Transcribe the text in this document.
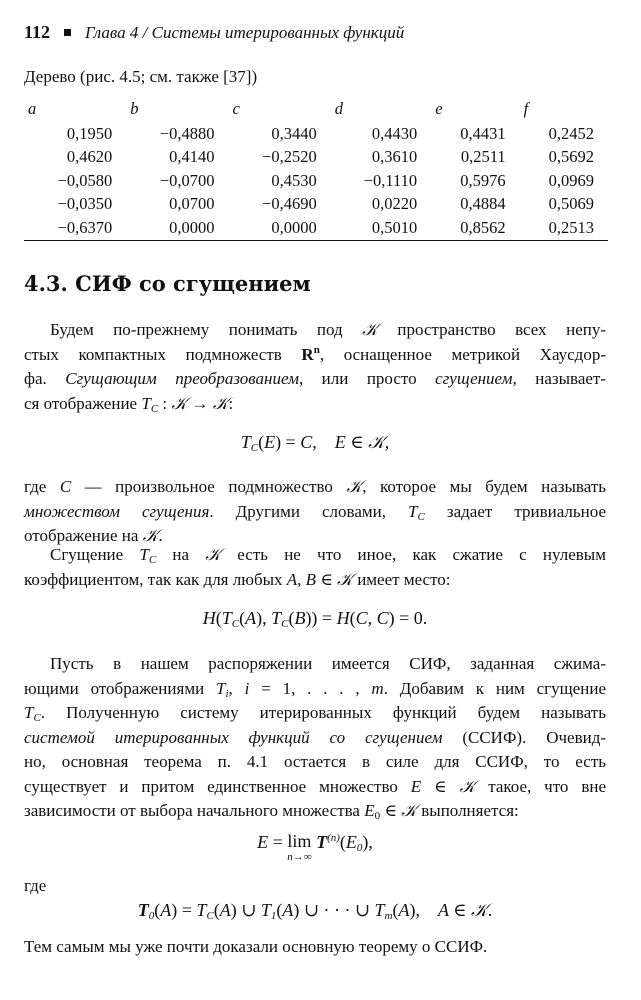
112 Глава 4 / Системы итерированных функций
Дерево (рис. 4.5; см. также [37])
a	b	c	d	e	f
0,1950	−0,4880	0,3440	0,4430	0,4431	0,2452
0,4620	0,4140	−0,2520	0,3610	0,2511	0,5692
−0,0580	−0,0700	0,4530	−0,1110	0,5976	0,0969
−0,0350	0,0700	−0,4690	0,0220	0,4884	0,5069
−0,6370	0,0000	0,0000	0,5010	0,8562	0,2513
4.3. СИФ со сгущением
Будем по-прежнему понимать под 𝒦 пространство всех непу-
стых компактных подмножеств $R^n$, оснащенное метрикой Хаусдор-
фа. Сгущающим преобразованием, или просто сгущением, называет-
ся отображение $T_C$ : 𝒦 → 𝒦:
$T_C(E) = C$,    E ∈ 𝒦,
где C — произвольное подмножество 𝒦, которое мы будем называть
множеством сгущения. Другими словами, $T_C$ задает тривиальное
отображение на 𝒦.
Сгущение $T_C$ на 𝒦 есть не что иное, как сжатие с нулевым
коэффициентом, так как для любых A, B ∈ 𝒦 имеет место:
$H(T_C(A)$, $T_C(B)) = H(C$, C) = 0.
Пусть в нашем распоряжении имеется СИФ, заданная сжима-
ющими отображениями $T_i$, i = 1, . . . , m. Добавим к ним сгущение
$T_C$. Полученную систему итерированных функций будем называть
системой итерированных функций со сгущением (ССИФ). Очевид-
но, основная теорема п. 4.1 остается в силе для ССИФ, то есть
существует и притом единственное множество E ∈ 𝒦 такое, что вне
зависимости от выбора начального множества $E_0$ ∈ 𝒦 выполняется:
E = lim
n→∞
$T^{(n)}(E_0)$,
где
$T_0(A) = T_C(A)$ ∪ $T_1(A)$ ∪ · · · ∪ $T_m(A)$, A ∈ 𝒦.
Тем самым мы уже почти доказали основную теорему о ССИФ.
